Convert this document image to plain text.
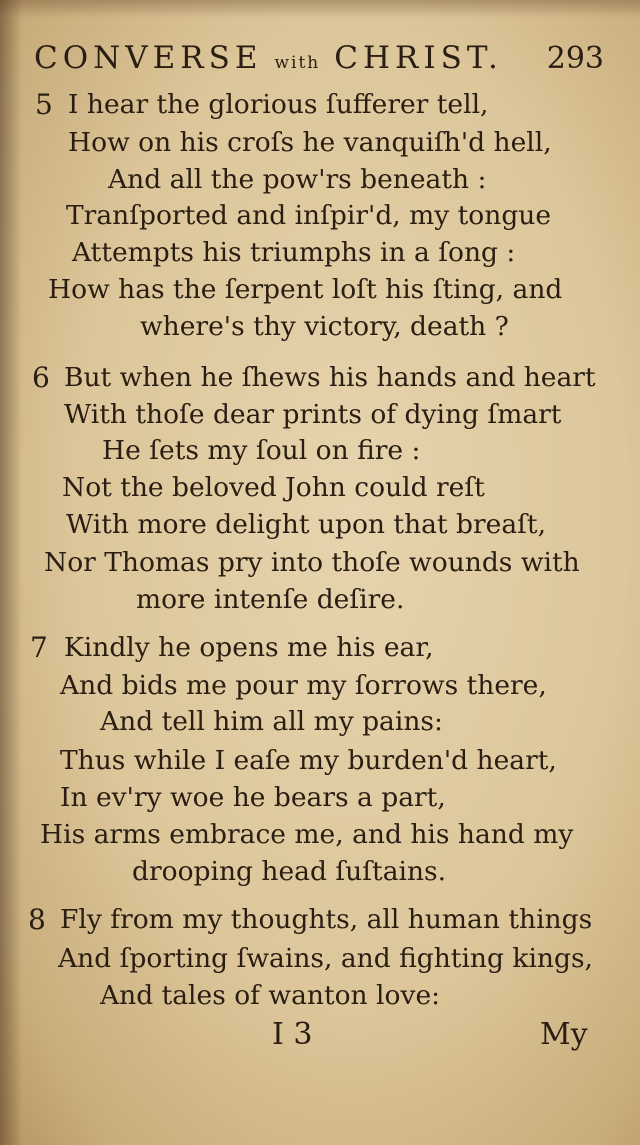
CONVERSE with CHRIST. 293
5 I hear the glorious ſufferer tell,
How on his croſs he vanquiſh'd hell,
And all the pow'rs beneath :
Tranſported and inſpir'd, my tongue
Attempts his triumphs in a ſong :
How has the ſerpent loſt his ſting, and
where's thy victory, death ?
6 But when he ſhews his hands and heart
With thoſe dear prints of dying ſmart
He ſets my ſoul on fire :
Not the beloved John could reſt
With more delight upon that breaſt,
Nor Thomas pry into thoſe wounds with
more intenſe deſire.
7 Kindly he opens me his ear,
And bids me pour my ſorrows there,
And tell him all my pains:
Thus while I eaſe my burden'd heart,
In ev'ry woe he bears a part,
His arms embrace me, and his hand my
drooping head ſuſtains.
8 Fly from my thoughts, all human things
And ſporting ſwains, and fighting kings,
And tales of wanton love:
I 3	My
